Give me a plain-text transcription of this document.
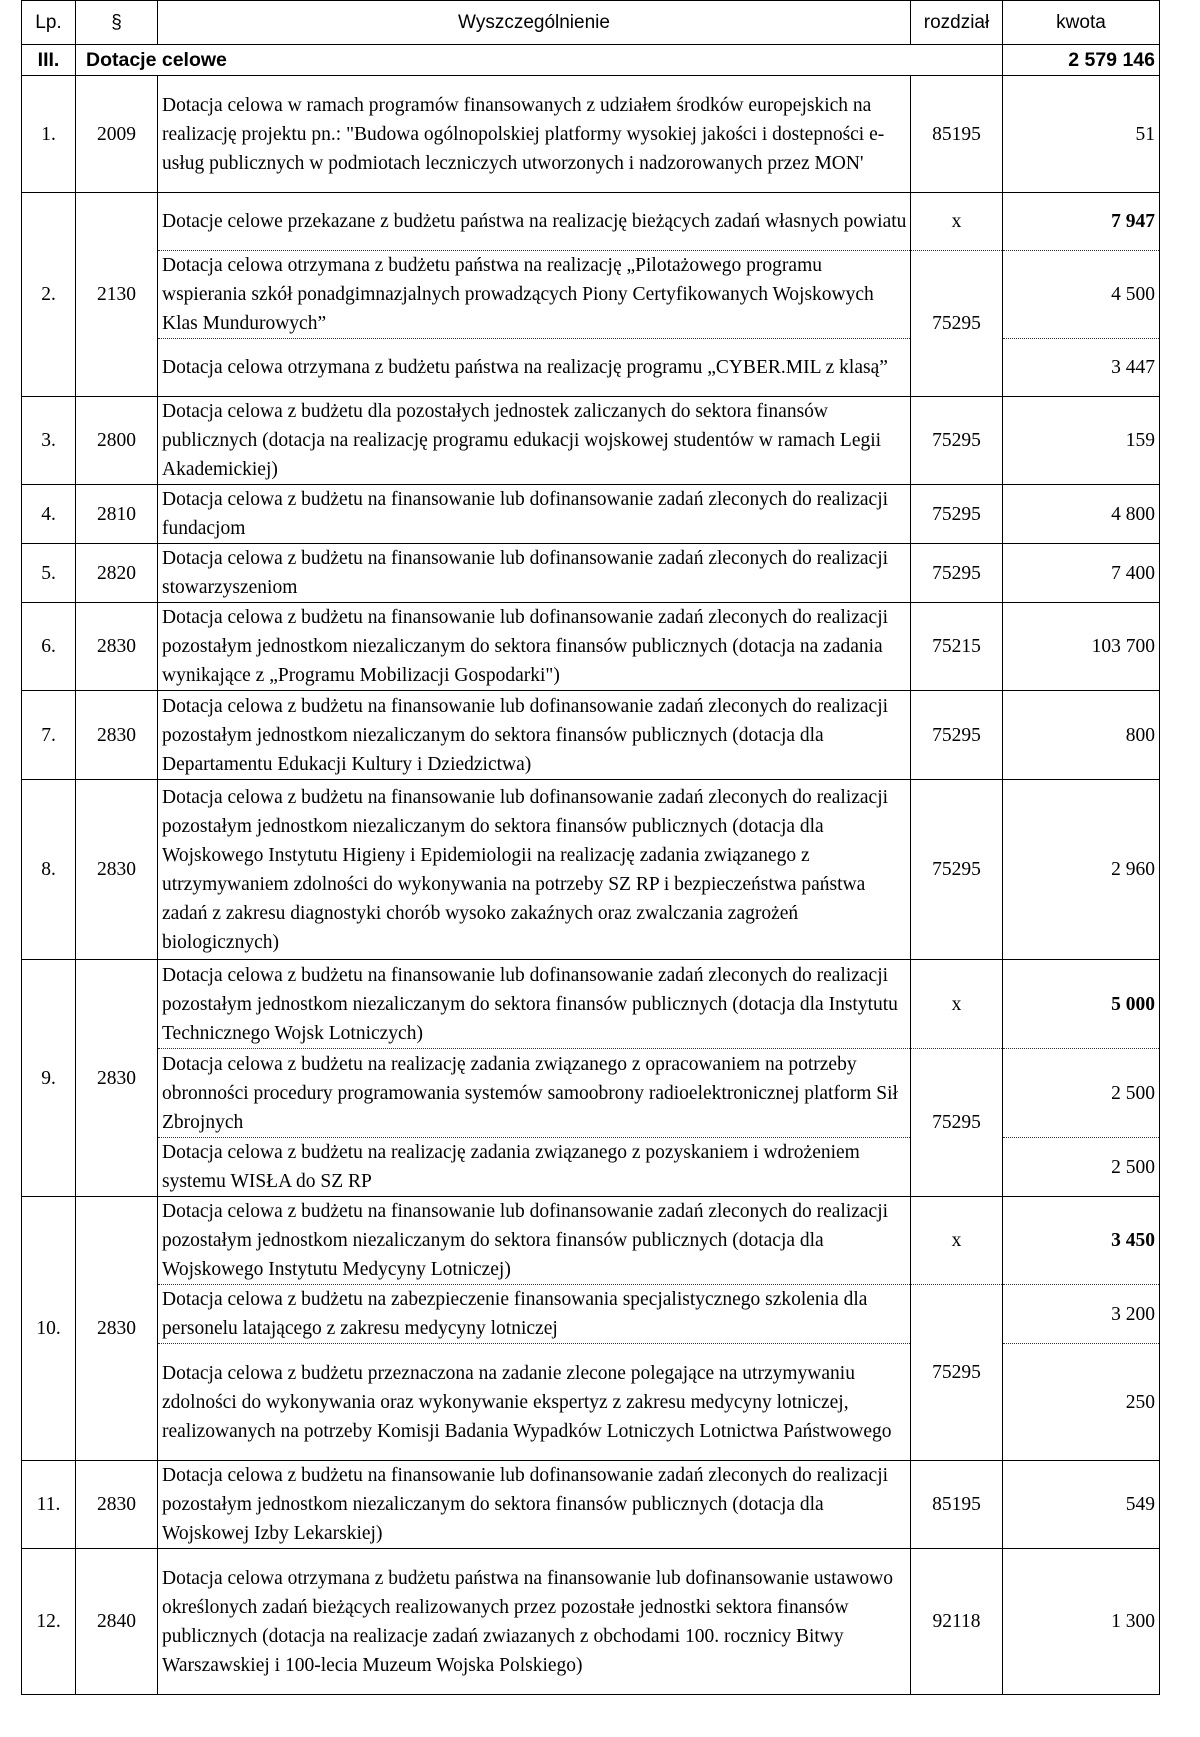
Lp.	§	Wyszczególnienie	rozdział	kwota
III.	Dotacje celowe			2 579 146
1.	2009	Dotacja celowa w ramach programów finansowanych z udziałem środków europejskich na realizację projektu pn.: "Budowa ogólnopolskiej platformy wysokiej jakości i dostepności e-usług publicznych w podmiotach leczniczych utworzonych i nadzorowanych przez MON'	85195	51
2.	2130	Dotacje celowe przekazane z budżetu państwa na realizację bieżących zadań własnych powiatu	x	7 947
		Dotacja celowa otrzymana z budżetu państwa na realizację „Pilotażowego programu wspierania szkół ponadgimnazjalnych prowadzących Piony Certyfikowanych Wojskowych Klas Mundurowych”	75295	4 500
		Dotacja celowa otrzymana z budżetu państwa na realizację programu „CYBER.MIL z klasą”		3 447
3.	2800	Dotacja celowa z budżetu dla pozostałych jednostek zaliczanych do sektora finansów publicznych (dotacja na realizację programu edukacji wojskowej studentów w ramach Legii Akademickiej)	75295	159
4.	2810	Dotacja celowa z budżetu na finansowanie lub dofinansowanie zadań zleconych do realizacji fundacjom	75295	4 800
5.	2820	Dotacja celowa z budżetu na finansowanie lub dofinansowanie zadań zleconych do realizacji stowarzyszeniom	75295	7 400
6.	2830	Dotacja celowa z budżetu na finansowanie lub dofinansowanie zadań zleconych do realizacji pozostałym jednostkom niezaliczanym do sektora finansów publicznych (dotacja na zadania wynikające z „Programu Mobilizacji Gospodarki")	75215	103 700
7.	2830	Dotacja celowa z budżetu na finansowanie lub dofinansowanie zadań zleconych do realizacji pozostałym jednostkom niezaliczanym do sektora finansów publicznych (dotacja dla Departamentu Edukacji Kultury i Dziedzictwa)	75295	800
8.	2830	Dotacja celowa z budżetu na finansowanie lub dofinansowanie zadań zleconych do realizacji pozostałym jednostkom niezaliczanym do sektora finansów publicznych (dotacja dla Wojskowego Instytutu Higieny i Epidemiologii na realizację zadania związanego z utrzymywaniem zdolności do wykonywania na potrzeby SZ RP i bezpieczeństwa państwa zadań z zakresu diagnostyki chorób wysoko zakaźnych oraz zwalczania zagrożeń biologicznych)	75295	2 960
9.	2830	Dotacja celowa z budżetu na finansowanie lub dofinansowanie zadań zleconych do realizacji pozostałym jednostkom niezaliczanym do sektora finansów publicznych (dotacja dla Instytutu Technicznego Wojsk Lotniczych)	x	5 000
		Dotacja celowa z budżetu na realizację zadania związanego z opracowaniem na potrzeby obronności procedury programowania systemów samoobrony radioelektronicznej platform Sił Zbrojnych	75295	2 500
		Dotacja celowa z budżetu na realizację zadania związanego z pozyskaniem i wdrożeniem systemu WISŁA do SZ RP		2 500
10.	2830	Dotacja celowa z budżetu na finansowanie lub dofinansowanie zadań zleconych do realizacji pozostałym jednostkom niezaliczanym do sektora finansów publicznych (dotacja dla Wojskowego Instytutu Medycyny Lotniczej)	x	3 450
		Dotacja celowa z budżetu na zabezpieczenie finansowania specjalistycznego szkolenia dla personelu latającego z zakresu medycyny lotniczej	75295	3 200
		Dotacja celowa z budżetu przeznaczona na zadanie zlecone polegające na utrzymywaniu zdolności do wykonywania oraz wykonywanie ekspertyz z zakresu medycyny lotniczej, realizowanych na potrzeby Komisji Badania Wypadków Lotniczych Lotnictwa Państwowego		250
11.	2830	Dotacja celowa z budżetu na finansowanie lub dofinansowanie zadań zleconych do realizacji pozostałym jednostkom niezaliczanym do sektora finansów publicznych (dotacja dla Wojskowej Izby Lekarskiej)	85195	549
12.	2840	Dotacja celowa otrzymana z budżetu państwa na finansowanie lub dofinansowanie ustawowo określonych zadań bieżących realizowanych przez pozostałe jednostki sektora finansów publicznych (dotacja na realizacje zadań zwiazanych z obchodami 100. rocznicy Bitwy Warszawskiej i 100-lecia Muzeum Wojska Polskiego)	92118	1 300
